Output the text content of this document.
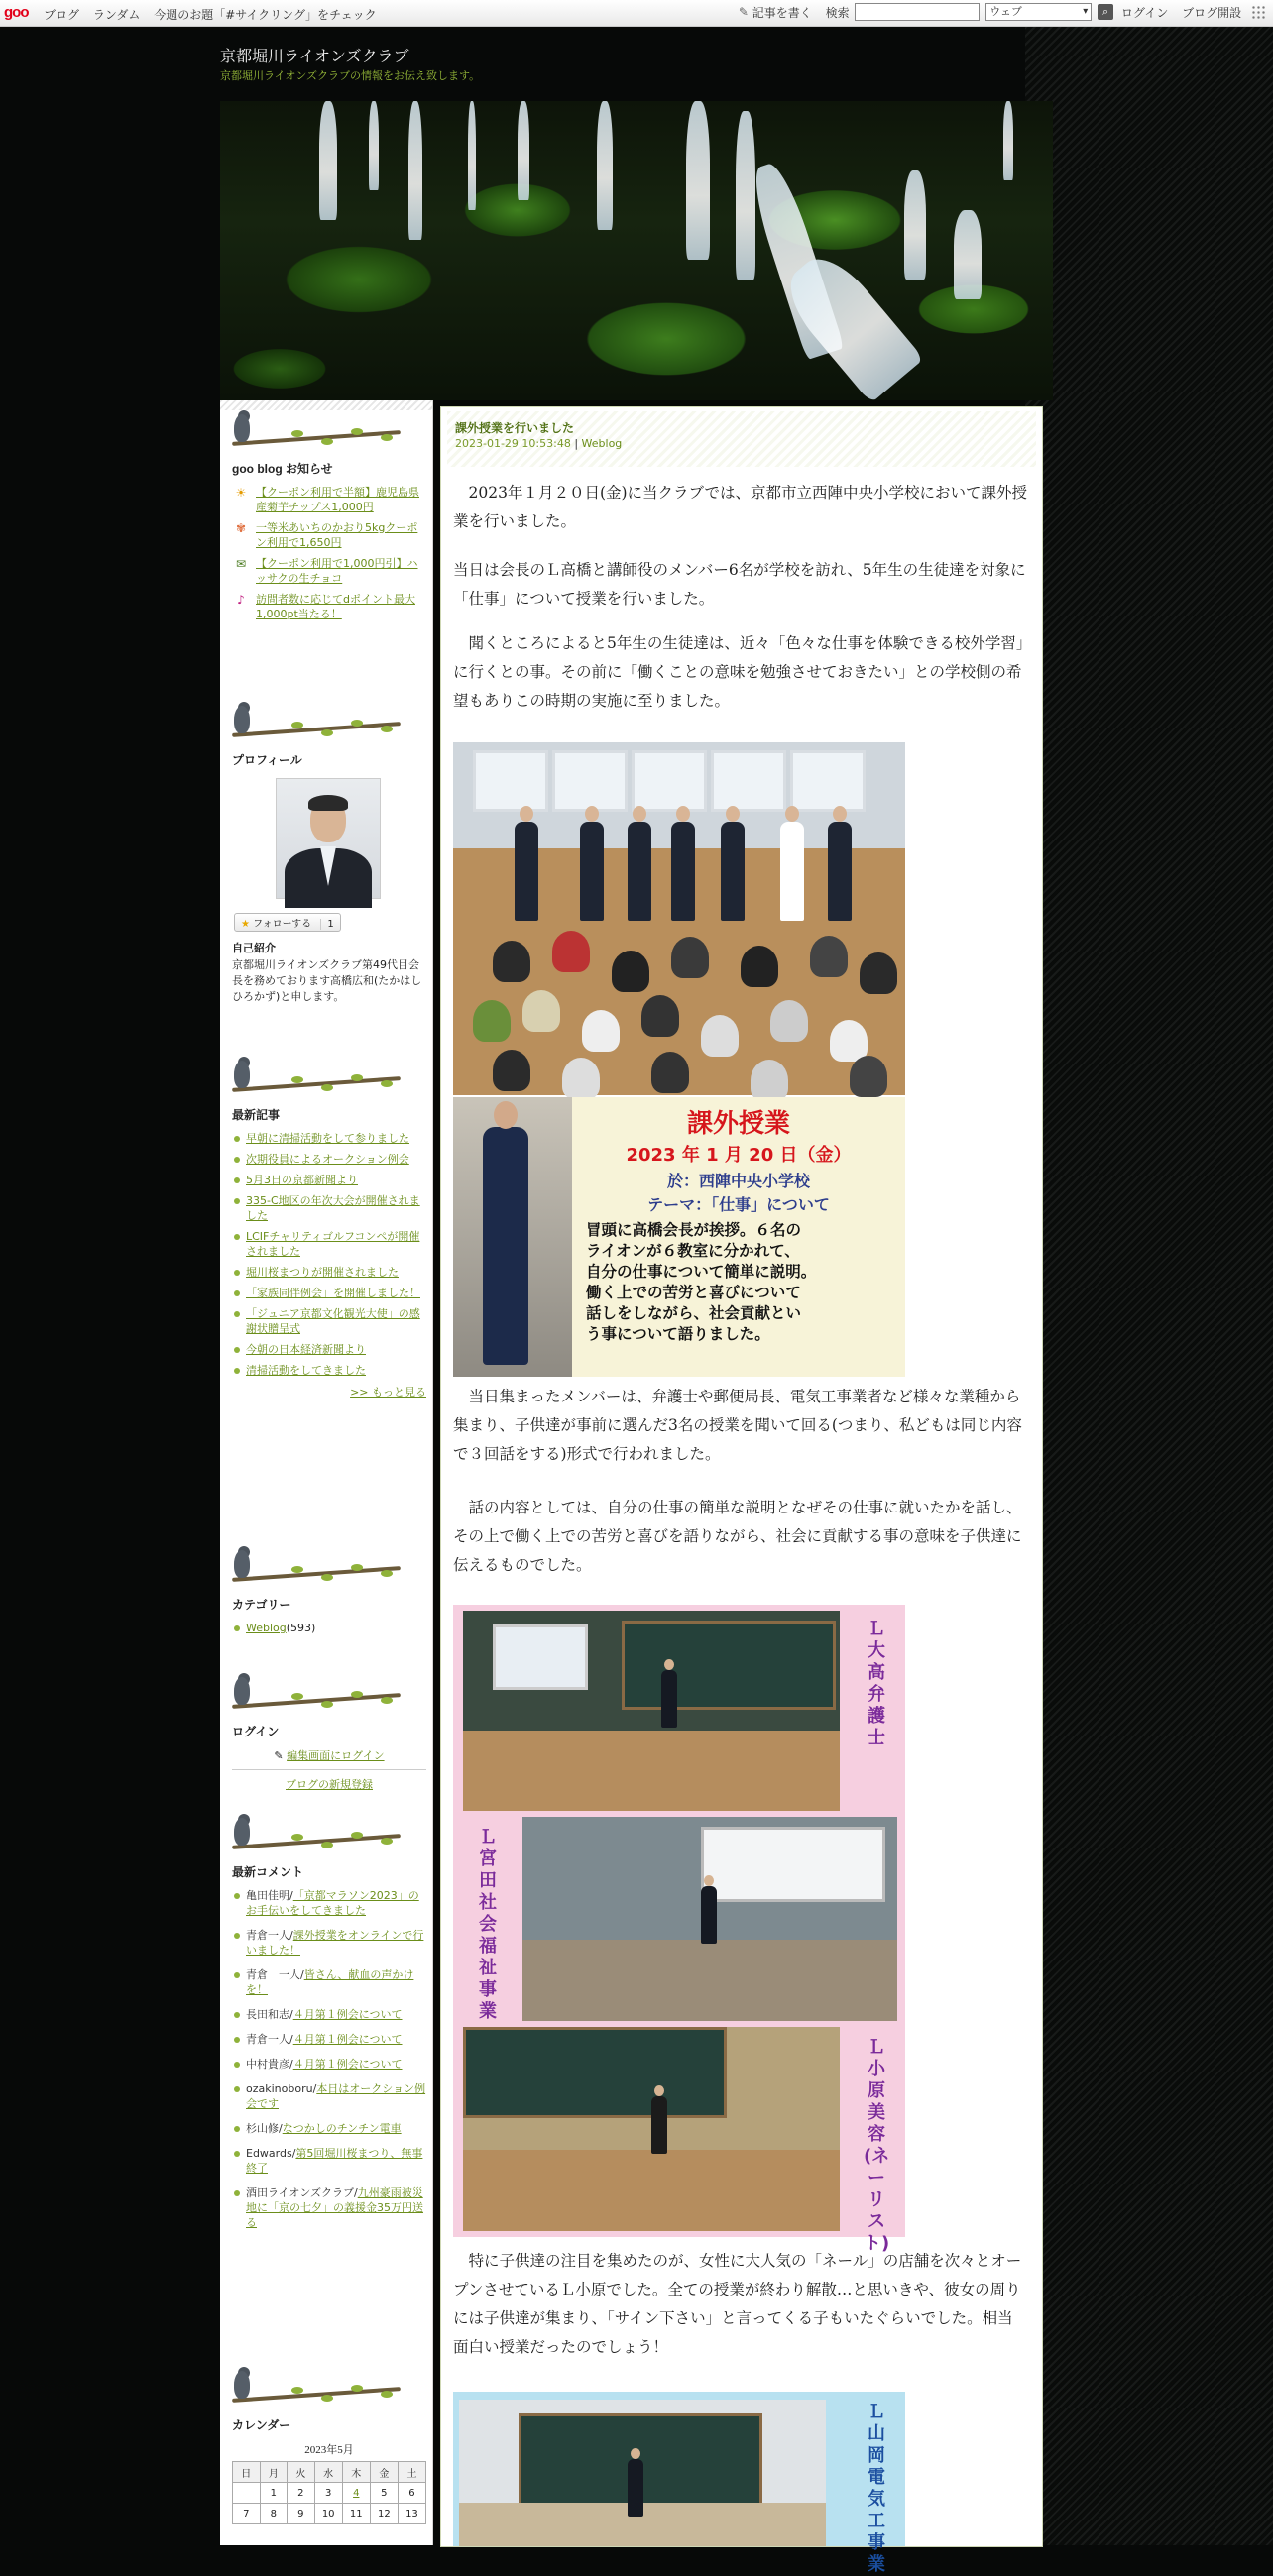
goo ブログ ランダム 今週のお題「#サイクリング」をチェック	✎ 記事を書く 検索	ウェブ ▾	⌕ ログイン ブログ開設
京都堀川ライオンズクラブ
京都堀川ライオンズクラブの情報をお伝え致します。
goo blog お知らせ
☀ 【クーポン利用で半額】鹿児島県産菊芋チップス1,000円
✾ 一等米あいちのかおり5kgクーポン利用で1,650円
✉ 【クーポン利用で1,000円引】ハッサクの生チョコ
♪ 訪問者数に応じてdポイント最大1,000pt当たる！
プロフィール
★ フォローする 1
自己紹介
京都堀川ライオンズクラブ第49代目会長を務めております高橋広和(たかはし ひろかず)と申します。
最新記事
早朝に清掃活動をして参りました
次期役員によるオークション例会
5月3日の京都新聞より
335-C地区の年次大会が開催されました
LCIFチャリティゴルフコンペが開催されました
堀川桜まつりが開催されました
「家族同伴例会」を開催しました！
「ジュニア京都文化観光大使」の感謝状贈呈式
今朝の日本経済新聞より
清掃活動をしてきました
>> もっと見る
カテゴリー
Weblog(593)
ログイン
✎ 編集画面にログイン
ブログの新規登録
最新コメント
亀田佳明/「京都マラソン2023」のお手伝いをしてきました
青倉一人/課外授業をオンラインで行いました！
青倉　一人/皆さん、献血の声かけを！
長田和志/４月第１例会について
青倉一人/４月第１例会について
中村貴彦/４月第１例会について
ozakinoboru/本日はオークション例会です
杉山修/なつかしのチンチン電車
Edwards/第5回堀川桜まつり、無事終了
酒田ライオンズクラブ/九州豪雨被災地に「京の七夕」の義援金35万円送る
カレンダー
2023年5月
日	月	火	水	木	金	土
	1	2	3	4	5	6
7	8	9	10	11	12	13
課外授業を行いました
2023-01-29 10:53:48 | Weblog

　2023年１月２０日(金)に当クラブでは、京都市立西陣中央小学校において課外授業を行いました。

当日は会長のＬ高橋と講師役のメンバー6名が学校を訪れ、5年生の生徒達を対象に「仕事」について授業を行いました。

　聞くところによると5年生の生徒達は、近々「色々な仕事を体験できる校外学習」に行くとの事。その前に「働くことの意味を勉強させておきたい」との学校側の希望もありこの時期の実施に至りました。

課外授業
2023 年 1 月 20 日（金）
於：西陣中央小学校
テーマ：「仕事」について
冒頭に高橋会長が挨拶。６名の
ライオンが６教室に分かれて、
自分の仕事について簡単に説明。
働く上での苦労と喜びについて
話しをしながら、社会貢献とい
う事について語りました。

　当日集まったメンバーは、弁護士や郵便局長、電気工事業者など様々な業種から集まり、子供達が事前に選んだ3名の授業を聞いて回る(つまり、私どもは同じ内容で３回話をする)形式で行われました。

　話の内容としては、自分の仕事の簡単な説明となぜその仕事に就いたかを話し、その上で働く上での苦労と喜びを語りながら、社会に貢献する事の意味を子供達に伝えるものでした。

Ｌ大高 弁護士
Ｌ宮田 社会福祉事業
Ｌ小原 美容(ネーリスト)

　特に子供達の注目を集めたのが、女性に大人気の「ネール」の店舗を次々とオープンさせているＬ小原でした。全ての授業が終わり解散…と思いきや、彼女の周りには子供達が集まり、「サイン下さい」と言ってくる子もいたぐらいでした。相当面白い授業だったのでしょう！

Ｌ山岡 電気工事業
